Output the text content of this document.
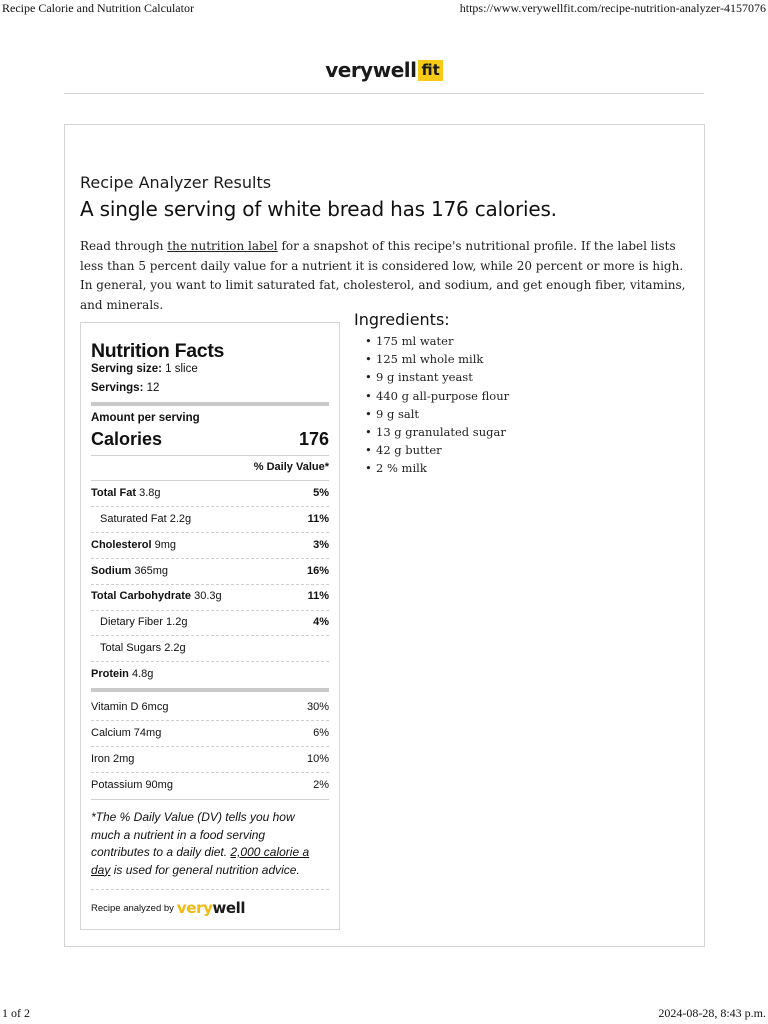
Recipe Calorie and Nutrition Calculator	https://www.verywellfit.com/recipe-nutrition-analyzer-4157076
verywell fit
Recipe Analyzer Results
A single serving of white bread has 176 calories.

Read through the nutrition label for a snapshot of this recipe's nutritional profile. If the label lists less than 5 percent daily value for a nutrient it is considered low, while 20 percent or more is high. In general, you want to limit saturated fat, cholesterol, and sodium, and get enough fiber, vitamins, and minerals.

Nutrition Facts
Serving size: 1 slice
Servings: 12
Amount per serving
Calories	176
% Daily Value*
Total Fat 3.8g	5%
Saturated Fat 2.2g	11%
Cholesterol 9mg	3%
Sodium 365mg	16%
Total Carbohydrate 30.3g	11%
Dietary Fiber 1.2g	4%
Total Sugars 2.2g
Protein 4.8g
Vitamin D 6mcg	30%
Calcium 74mg	6%
Iron 2mg	10%
Potassium 90mg	2%

*The % Daily Value (DV) tells you how much a nutrient in a food serving contributes to a daily diet. 2,000 calorie a day is used for general nutrition advice.

Recipe analyzed by verywell
Ingredients:
• 175 ml water
• 125 ml whole milk
• 9 g instant yeast
• 440 g all-purpose flour
• 9 g salt
• 13 g granulated sugar
• 42 g butter
• 2 % milk
1 of 2	2024-08-28, 8:43 p.m.
